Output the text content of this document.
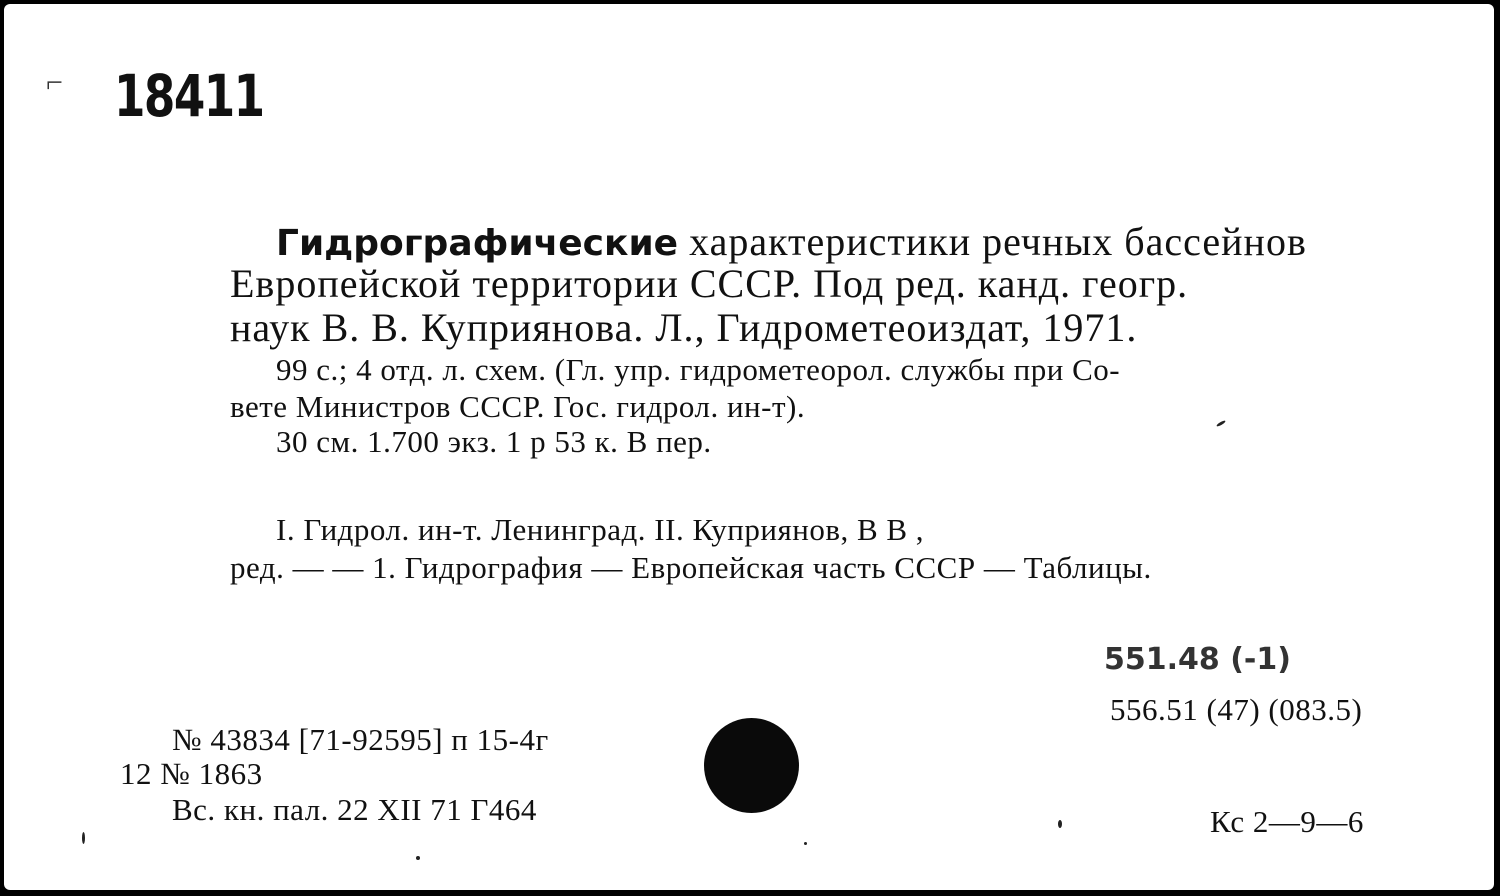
⌐ 18411
Гидрографические характеристики речных бассейнов
Европейской территории СССР. Под ред. канд. геогр.
наук В. В. Куприянова. Л., Гидрометеоиздат, 1971.
99 с.; 4 отд. л. схем. (Гл. упр. гидрометеорол. службы при Со-
вете Министров СССР. Гос. гидрол. ин-т).
30 см. 1.700 экз. 1 р 53 к. В пер.
I. Гидрол. ин-т. Ленинград. II. Куприянов, В В ,
ред. — — 1. Гидрография — Европейская часть СССР — Таблицы.
551.48 (-1)
556.51 (47) (083.5)
Кс 2—9—6
№ 43834 [71-92595] п 15-4г
12 № 1863
Вс. кн. пал. 22 XII 71 Г464
